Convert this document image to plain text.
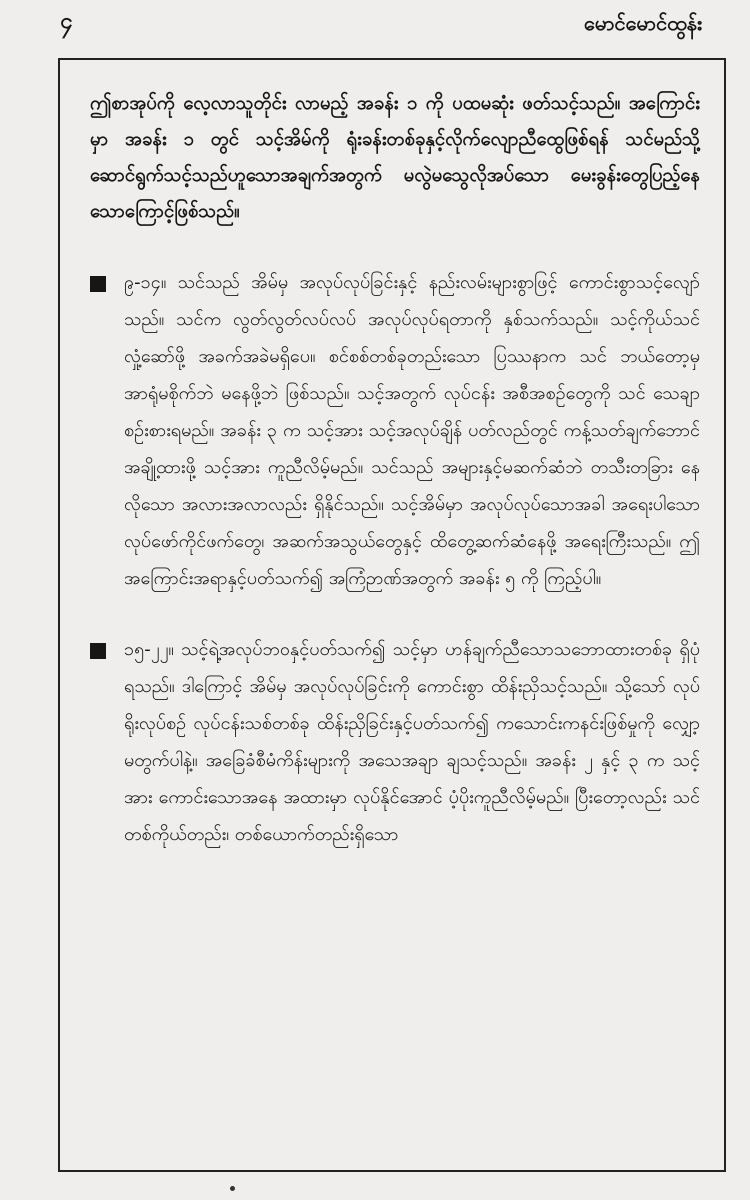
၄	မောင်မောင်ထွန်း

ဤစာအုပ်ကို လေ့လာသူတိုင်း လာမည့် အခန်း ၁ ကို ပထမဆုံး ဖတ်သင့်သည်။ အကြောင်းမှာ အခန်း ၁ တွင် သင့်အိမ်ကို ရုံးခန်းတစ်ခုနှင့်လိုက်လျောညီထွေဖြစ်ရန် သင်မည်သို့ ဆောင်ရွက်သင့်သည်ဟူသောအချက်အတွက် မလွဲမသွေလိုအပ်သော မေးခွန်းတွေပြည့်နေသောကြောင့်ဖြစ်သည်။

၉-၁၄။ သင်သည် အိမ်မှ အလုပ်လုပ်ခြင်းနှင့် နည်းလမ်းများစွာဖြင့် ကောင်းစွာသင့်လျော်သည်။ သင်က လွတ်လွတ်လပ်လပ် အလုပ်လုပ်ရတာကို နှစ်သက်သည်။ သင့်ကိုယ်သင် လှုံ့ဆော်ဖို့ အခက်အခဲမရှိပေ။ စင်စစ်တစ်ခုတည်းသော ပြဿနာက သင် ဘယ်တော့မှ အာရုံမစိုက်ဘဲ မနေဖို့ဘဲ ဖြစ်သည်။ သင့်အတွက် လုပ်ငန်း အစီအစဉ်တွေကို သင် သေချာ စဉ်းစားရမည်။ အခန်း ၃ က သင့်အား သင့်အလုပ်ချိန် ပတ်လည်တွင် ကန့်သတ်ချက်ဘောင် အချို့ထားဖို့ သင့်အား ကူညီလိမ့်မည်။ သင်သည် အများနှင့်မဆက်ဆံဘဲ တသီးတခြား နေလိုသော အလားအလာလည်း ရှိနိုင်သည်။ သင့်အိမ်မှာ အလုပ်လုပ်သောအခါ အရေးပါသော လုပ်ဖော်ကိုင်ဖက်တွေ၊ အဆက်အသွယ်တွေနှင့် ထိတွေ့ဆက်ဆံနေဖို့ အရေးကြီးသည်။ ဤအကြောင်းအရာနှင့်ပတ်သက်၍ အကြံဉာဏ်အတွက် အခန်း ၅ ကို ကြည့်ပါ။
၁၅-၂၂။ သင့်ရဲ့အလုပ်ဘဝနှင့်ပတ်သက်၍ သင့်မှာ ဟန်ချက်ညီသောသဘောထားတစ်ခု ရှိပုံရသည်။ ဒါကြောင့် အိမ်မှ အလုပ်လုပ်ခြင်းကို ကောင်းစွာ ထိန်းညှိသင့်သည်။ သို့သော် လုပ်ရိုးလုပ်စဉ် လုပ်ငန်းသစ်တစ်ခု ထိန်းညှိခြင်းနှင့်ပတ်သက်၍ ကသောင်းကနင်းဖြစ်မှုကို လျှော့မတွက်ပါနဲ့။ အခြေခံစီမံကိန်းများကို အသေအချာ ချသင့်သည်။ အခန်း ၂ နှင့် ၃ က သင့်အား ကောင်းသောအနေ အထားမှာ လုပ်နိုင်အောင် ပံ့ပိုးကူညီလိမ့်မည်။ ပြီးတော့လည်း သင် တစ်ကိုယ်တည်း၊ တစ်ယောက်တည်းရှိသော
